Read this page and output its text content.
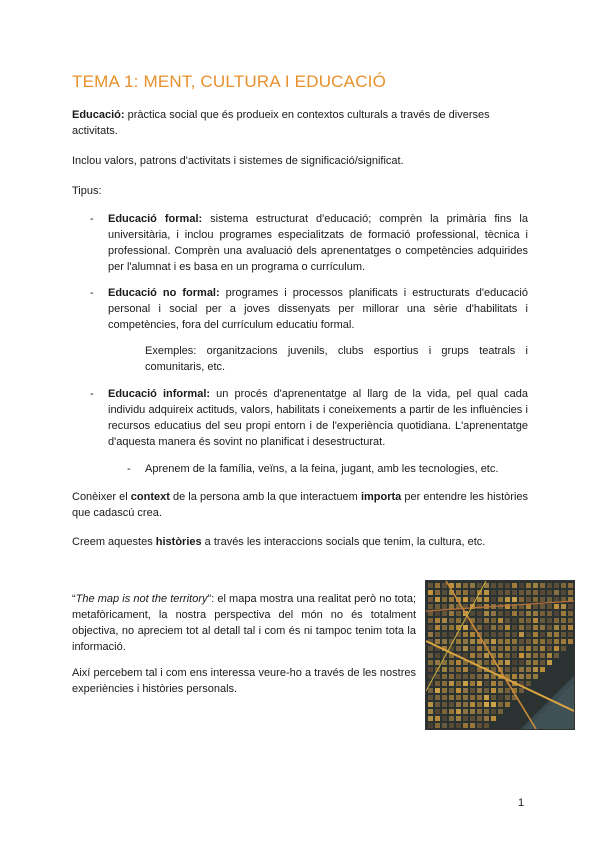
TEMA 1: MENT, CULTURA I EDUCACIÓ
Educació: pràctica social que és produeix en contextos culturals a través de diverses activitats.
Inclou valors, patrons d'activitats i sistemes de significació/significat.
Tipus:
- Educació formal: sistema estructurat d'educació; comprèn la primària fins la universitària, i inclou programes especialitzats de formació professional, tècnica i professional. Comprèn una avaluació dels aprenentatges o competències adquirides per l'alumnat i es basa en un programa o currículum.
- Educació no formal: programes i processos planificats i estructurats d'educació personal i social per a joves dissenyats per millorar una sèrie d'habilitats i competències, fora del currículum educatiu formal.
Exemples: organitzacions juvenils, clubs esportius i grups teatrals i comunitaris, etc.
- Educació informal: un procés d'aprenentatge al llarg de la vida, pel qual cada individu adquireix actituds, valors, habilitats i coneixements a partir de les influències i recursos educatius del seu propi entorn i de l'experiència quotidiana. L'aprenentatge d'aquesta manera és sovint no planificat i desestructurat.
- Aprenem de la família, veïns, a la feina, jugant, amb les tecnologies, etc.
Conèixer el context de la persona amb la que interactuem importa per entendre les històries que cadascú crea.
Creem aquestes històries a través les interaccions socials que tenim, la cultura, etc.
“The map is not the territory”: el mapa mostra una realitat però no tota; metafòricament, la nostra perspectiva del món no és totalment objectiva, no apreciem tot al detall tal i com és ni tampoc tenim tota la informació.
Així percebem tal i com ens interessa veure-ho a través de les nostres experiències i històries personals.
1
